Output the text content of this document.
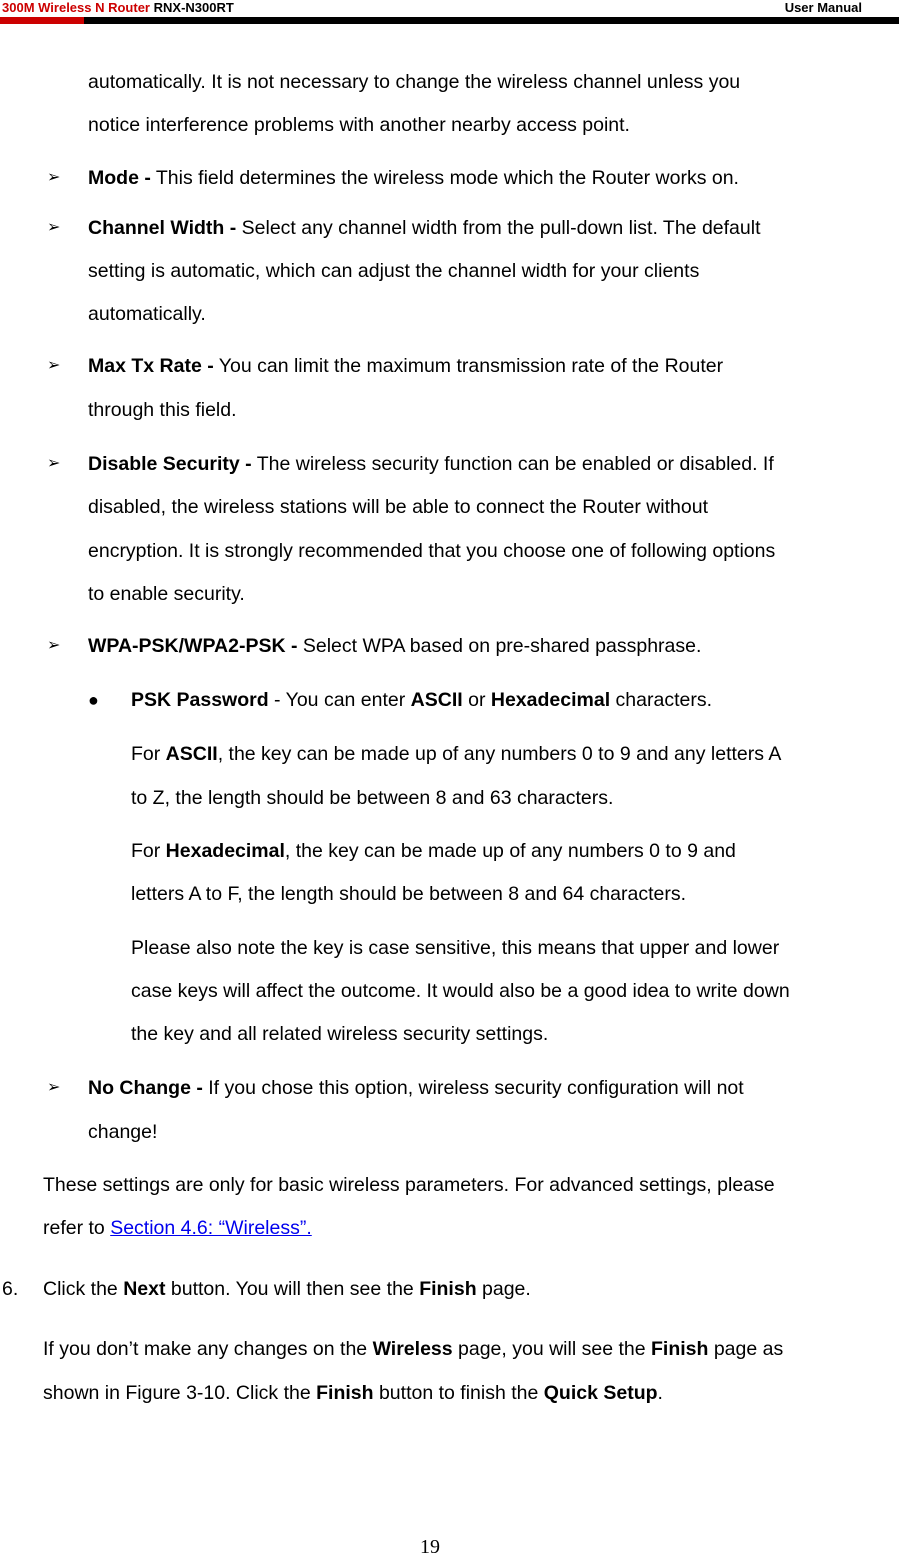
300M Wireless N Router RNX-N300RT	User Manual
automatically. It is not necessary to change the wireless channel unless you
notice interference problems with another nearby access point.
➢ Mode - This field determines the wireless mode which the Router works on.
➢ Channel Width - Select any channel width from the pull-down list. The default
setting is automatic, which can adjust the channel width for your clients
automatically.
➢ Max Tx Rate - You can limit the maximum transmission rate of the Router
through this field.
➢ Disable Security - The wireless security function can be enabled or disabled. If
disabled, the wireless stations will be able to connect the Router without
encryption. It is strongly recommended that you choose one of following options
to enable security.
➢ WPA-PSK/WPA2-PSK - Select WPA based on pre-shared passphrase.
● PSK Password - You can enter ASCII or Hexadecimal characters.
For ASCII, the key can be made up of any numbers 0 to 9 and any letters A
to Z, the length should be between 8 and 63 characters.
For Hexadecimal, the key can be made up of any numbers 0 to 9 and
letters A to F, the length should be between 8 and 64 characters.
Please also note the key is case sensitive, this means that upper and lower
case keys will affect the outcome. It would also be a good idea to write down
the key and all related wireless security settings.
➢ No Change - If you chose this option, wireless security configuration will not
change!
These settings are only for basic wireless parameters. For advanced settings, please
refer to Section 4.6: “Wireless”.
6. Click the Next button. You will then see the Finish page.
If you don’t make any changes on the Wireless page, you will see the Finish page as
shown in Figure 3-10. Click the Finish button to finish the Quick Setup.
19
